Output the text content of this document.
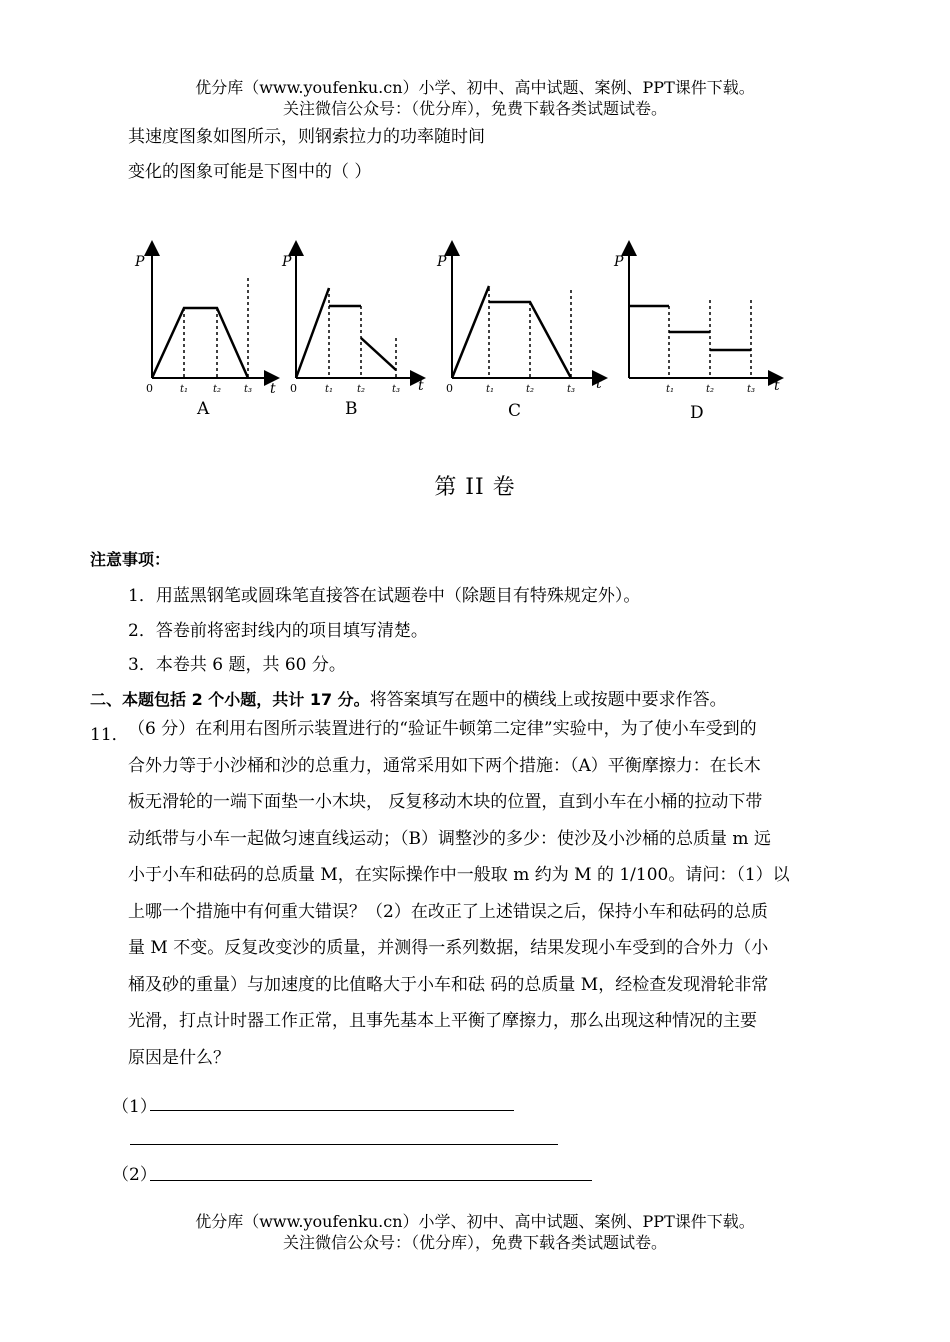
优分库（www.youfenku.cn）小学、初中、高中试题、案例、PPT课件下载。
关注微信公众号：（优分库），免费下载各类试题试卷。
其速度图象如图所示，则钢索拉力的功率随时间
变化的图象可能是下图中的（ ）
P
t
0	t₁ t₂ t₃
A
P
t
0	t₁ t₂	t₃
B
P
t
0	t₁	t₂	t₃
C
P
t
t₁	t₂	t₃
D
第 II 卷
注意事项：
1．用蓝黑钢笔或圆珠笔直接答在试题卷中（除题目有特殊规定外）。
2．答卷前将密封线内的项目填写清楚。
3．本卷共 6 题，共 60 分。
二、本题包括 2 个小题，共计 17 分。将答案填写在题中的横线上或按题中要求作答。
11． （6 分）在利用右图所示装置进行的“验证牛顿第二定律”实验中，为了使小车受到的
合外力等于小沙桶和沙的总重力，通常采用如下两个措施：（A）平衡摩擦力：在长木
板无滑轮的一端下面垫一小木块， 反复移动木块的位置，直到小车在小桶的拉动下带
动纸带与小车一起做匀速直线运动；（B）调整沙的多少：使沙及小沙桶的总质量 m 远
小于小车和砝码的总质量 M，在实际操作中一般取 m 约为 M 的 1/100。请问：（1）以
上哪一个措施中有何重大错误？（2）在改正了上述错误之后，保持小车和砝码的总质
量 M 不变。反复改变沙的质量，并测得一系列数据，结果发现小车受到的合外力（小
桶及砂的重量）与加速度的比值略大于小车和砝 码的总质量 M，经检查发现滑轮非常
光滑，打点计时器工作正常，且事先基本上平衡了摩擦力，那么出现这种情况的主要
原因是什么？
（1）
（2）
优分库（www.youfenku.cn）小学、初中、高中试题、案例、PPT课件下载。
关注微信公众号：（优分库），免费下载各类试题试卷。
